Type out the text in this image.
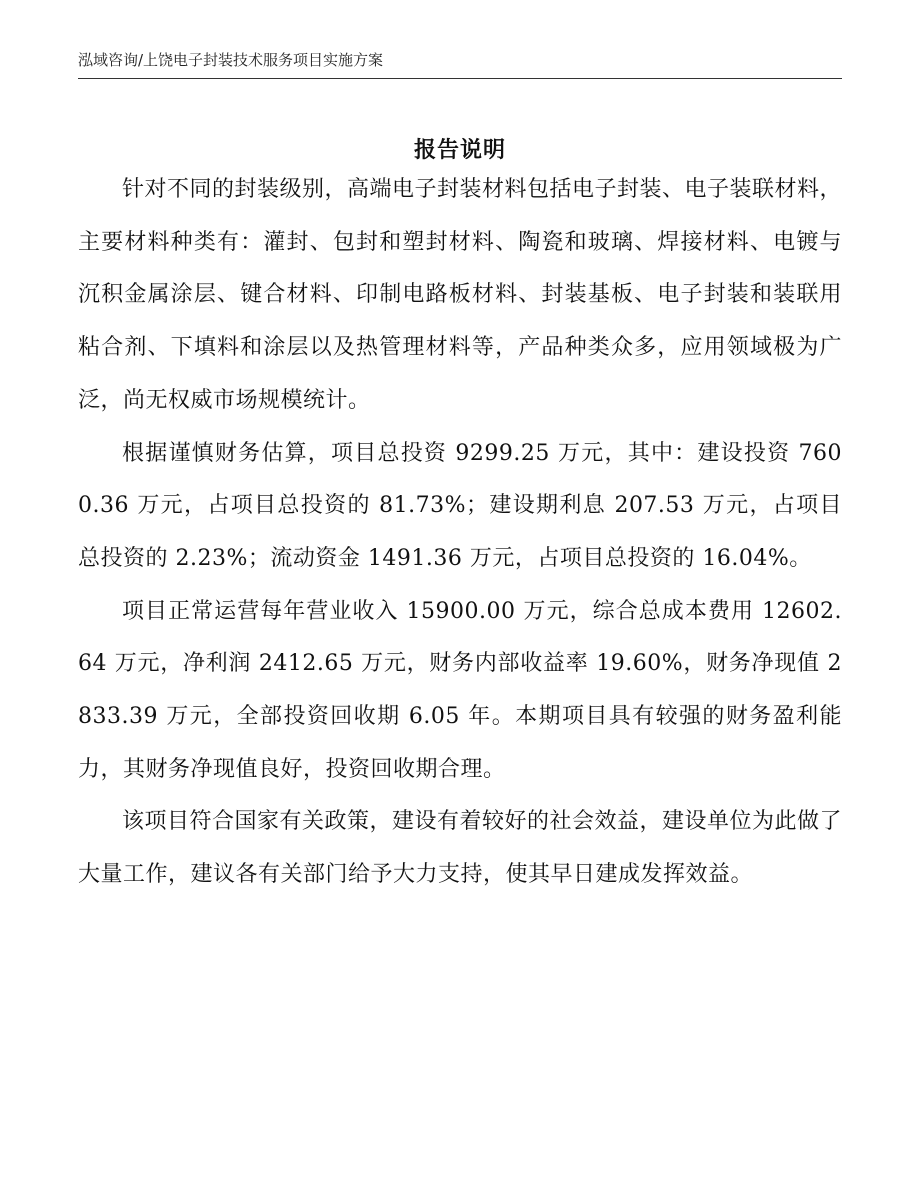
泓域咨询/上饶电子封装技术服务项目实施方案
报告说明

针对不同的封装级别，高端电子封装材料包括电子封装、电子装联材料，主要材料种类有：灌封、包封和塑封材料、陶瓷和玻璃、焊接材料、电镀与沉积金属涂层、键合材料、印制电路板材料、封装基板、电子封装和装联用粘合剂、下填料和涂层以及热管理材料等，产品种类众多，应用领域极为广泛，尚无权威市场规模统计。

根据谨慎财务估算，项目总投资 9299.25 万元，其中：建设投资 7600.36 万元，占项目总投资的 81.73%；建设期利息 207.53 万元，占项目总投资的 2.23%；流动资金 1491.36 万元，占项目总投资的 16.04%。

项目正常运营每年营业收入 15900.00 万元，综合总成本费用 12602.64 万元，净利润 2412.65 万元，财务内部收益率 19.60%，财务净现值 2833.39 万元，全部投资回收期 6.05 年。本期项目具有较强的财务盈利能力，其财务净现值良好，投资回收期合理。

该项目符合国家有关政策，建设有着较好的社会效益，建设单位为此做了大量工作，建议各有关部门给予大力支持，使其早日建成发挥效益。
